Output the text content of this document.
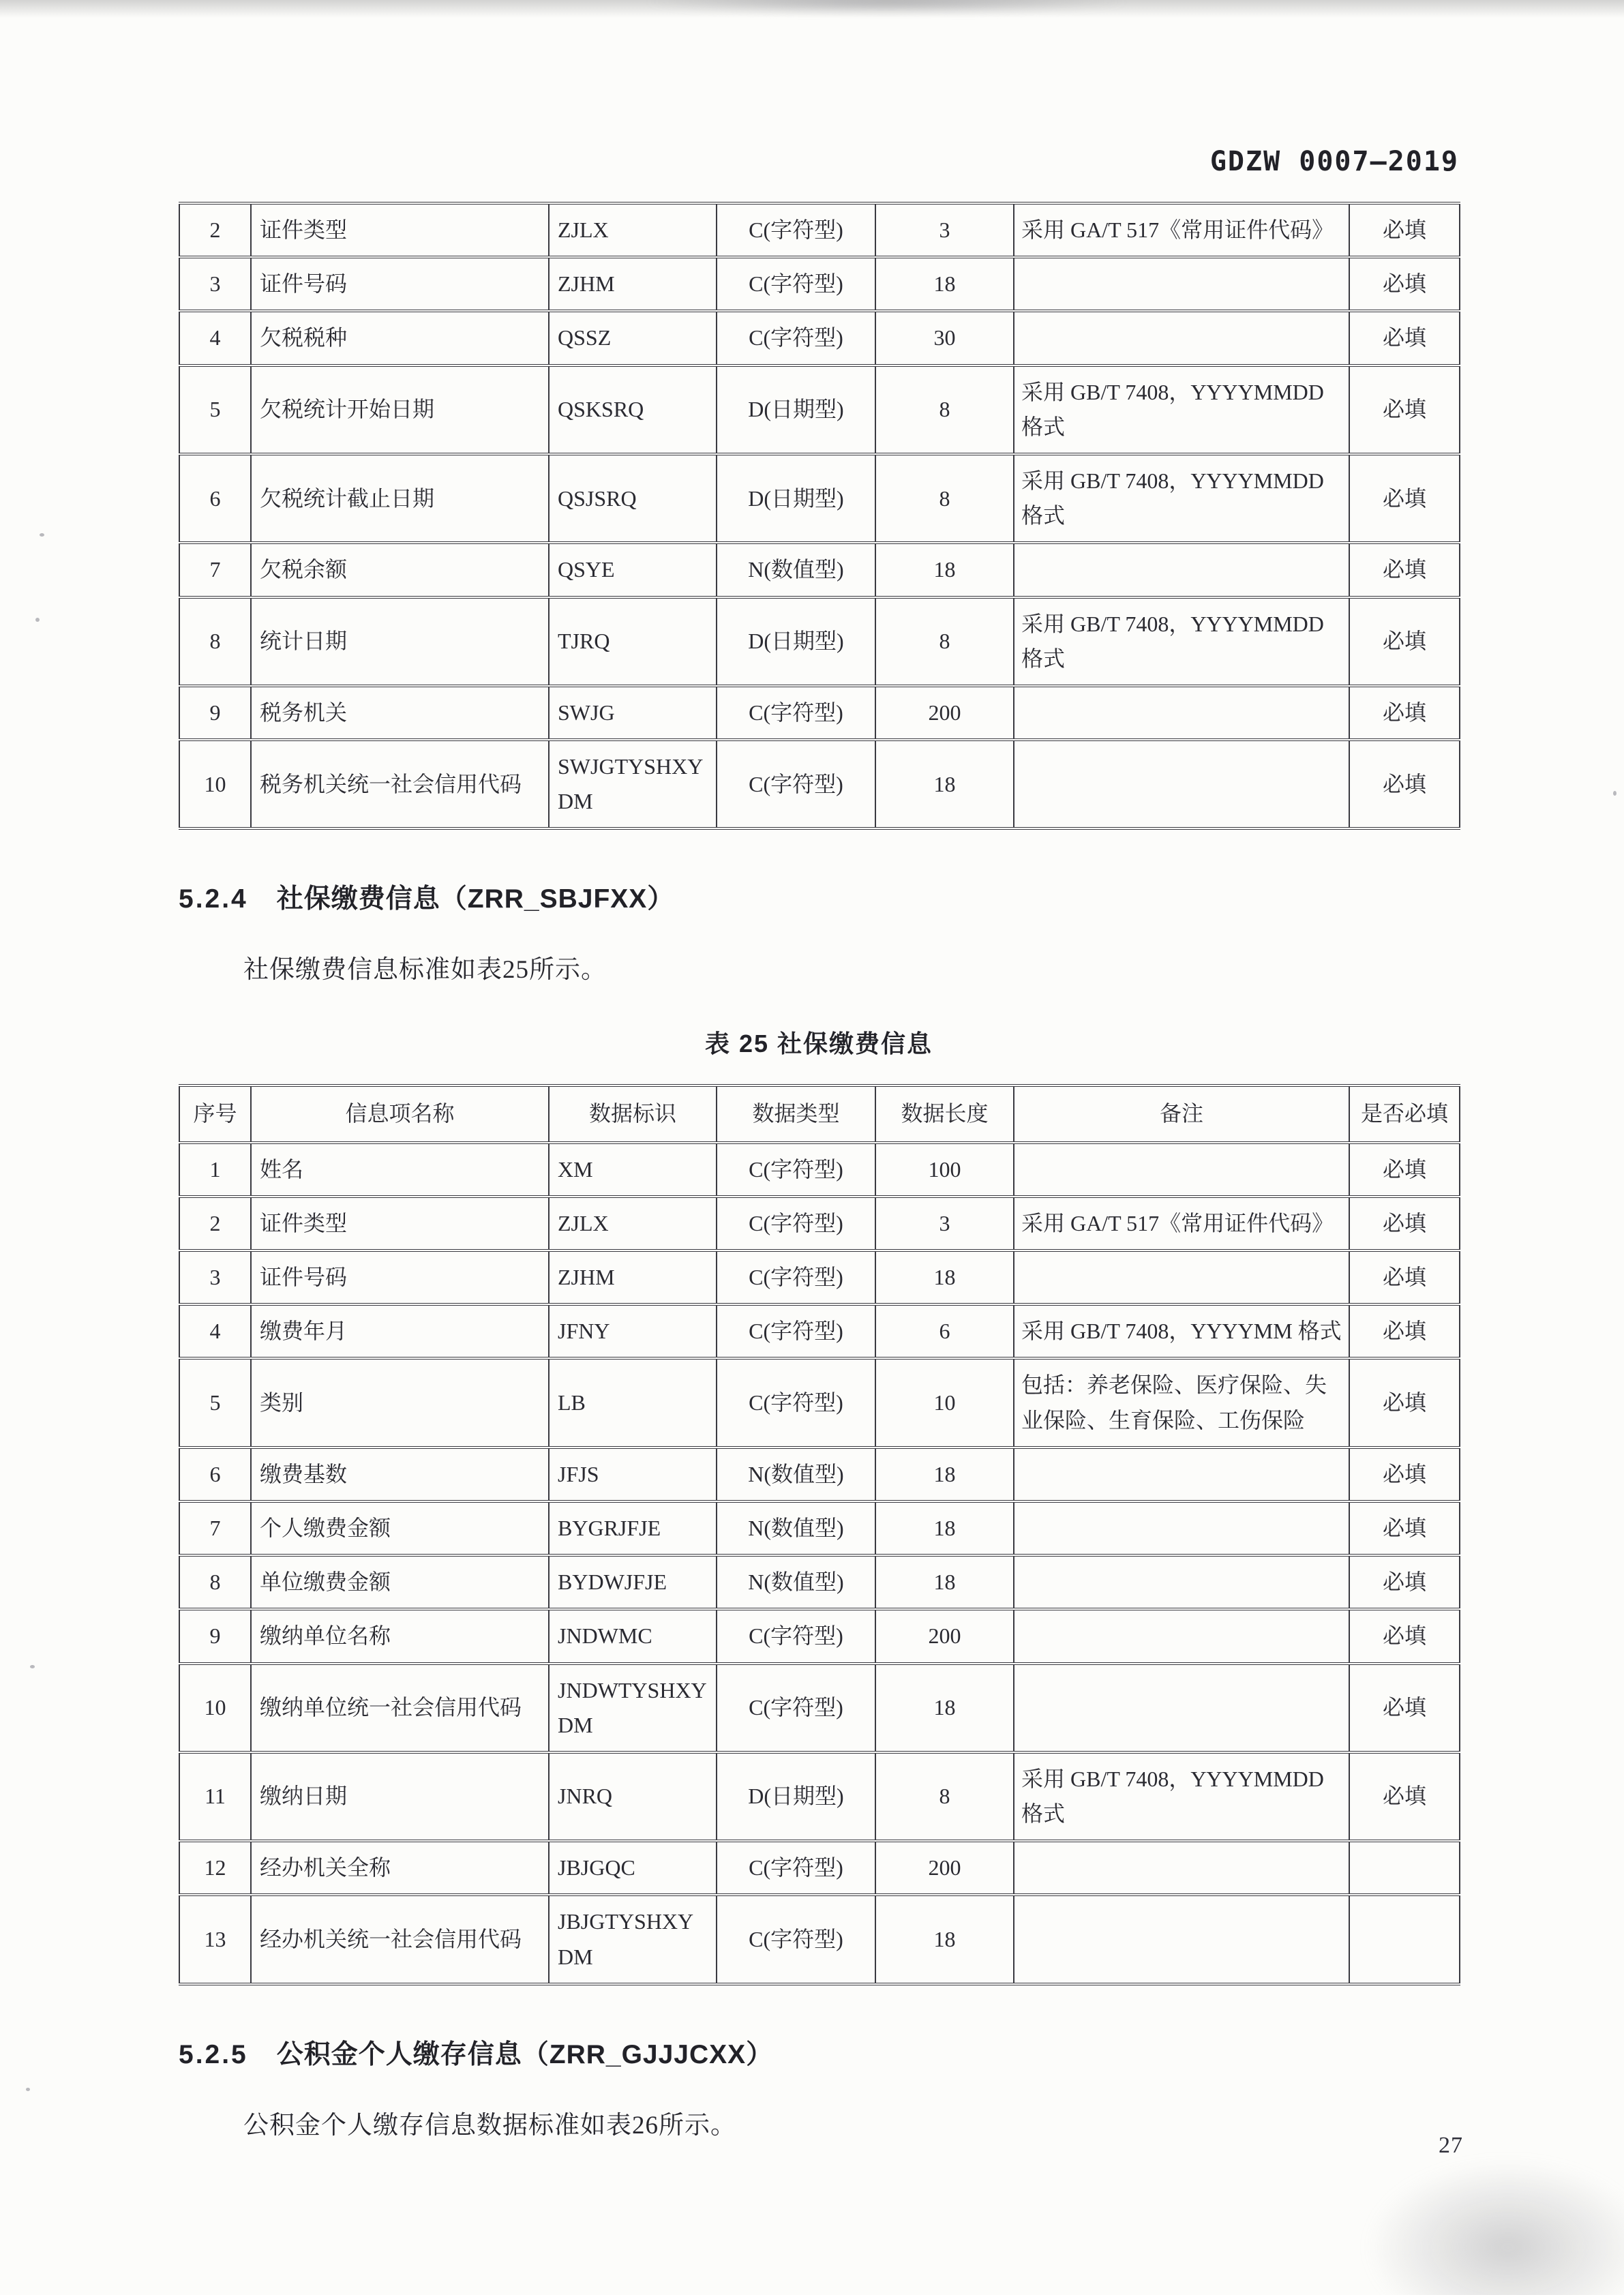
GDZW 0007—2019
2	证件类型	ZJLX	C(字符型)	3	采用 GA/T 517《常用证件代码》	必填
3	证件号码	ZJHM	C(字符型)	18		必填
4	欠税税种	QSSZ	C(字符型)	30		必填
5	欠税统计开始日期	QSKSRQ	D(日期型)	8	采用 GB/T 7408，YYYYMMDD 格式	必填
6	欠税统计截止日期	QSJSRQ	D(日期型)	8	采用 GB/T 7408，YYYYMMDD 格式	必填
7	欠税余额	QSYE	N(数值型)	18		必填
8	统计日期	TJRQ	D(日期型)	8	采用 GB/T 7408，YYYYMMDD 格式	必填
9	税务机关	SWJG	C(字符型)	200		必填
10	税务机关统一社会信用代码	SWJGTYSHXYDM	C(字符型)	18		必填
5.2.4 社保缴费信息（ZRR_SBJFXX）
社保缴费信息标准如表25所示。
表 25 社保缴费信息
序号	信息项名称	数据标识	数据类型	数据长度	备注	是否必填
1	姓名	XM	C(字符型)	100		必填
2	证件类型	ZJLX	C(字符型)	3	采用 GA/T 517《常用证件代码》	必填
3	证件号码	ZJHM	C(字符型)	18		必填
4	缴费年月	JFNY	C(字符型)	6	采用 GB/T 7408，YYYYMM 格式	必填
5	类别	LB	C(字符型)	10	包括：养老保险、医疗保险、失业保险、生育保险、工伤保险	必填
6	缴费基数	JFJS	N(数值型)	18		必填
7	个人缴费金额	BYGRJFJE	N(数值型)	18		必填
8	单位缴费金额	BYDWJFJE	N(数值型)	18		必填
9	缴纳单位名称	JNDWMC	C(字符型)	200		必填
10	缴纳单位统一社会信用代码	JNDWTYSHXYDM	C(字符型)	18		必填
11	缴纳日期	JNRQ	D(日期型)	8	采用 GB/T 7408，YYYYMMDD 格式	必填
12	经办机关全称	JBJGQC	C(字符型)	200		
13	经办机关统一社会信用代码	JBJGTYSHXYDM	C(字符型)	18		
5.2.5 公积金个人缴存信息（ZRR_GJJJCXX）
公积金个人缴存信息数据标准如表26所示。
27
